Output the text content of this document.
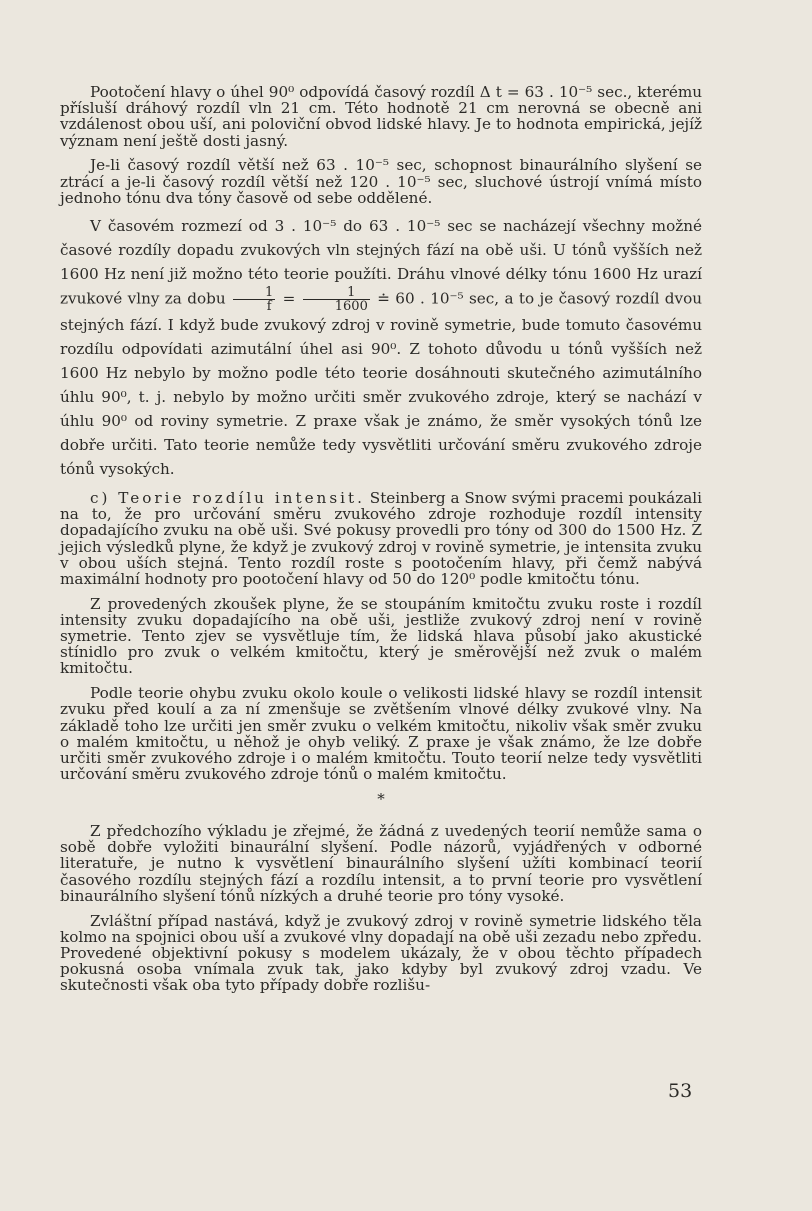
Pootočení hlavy o úhel 90⁰ odpovídá časový rozdíl Δ t = 63 . 10⁻⁵ sec., kterému přísluší dráhový rozdíl vln 21 cm. Této hodnotě 21 cm nerovná se obecně ani vzdálenost obou uší, ani poloviční obvod lidské hlavy. Je to hodnota empirická, jejíž význam není ještě dosti jasný.

Je-li časový rozdíl větší než 63 . 10⁻⁵ sec, schopnost binaurálního slyšení se ztrácí a je-li časový rozdíl větší než 120 . 10⁻⁵ sec, sluchové ústrojí vnímá místo jednoho tónu dva tóny časově od sebe oddělené.

V časovém rozmezí od 3 . 10⁻⁵ do 63 . 10⁻⁵ sec se nacházejí všechny možné časové rozdíly dopadu zvukových vln stejných fází na obě uši. U tónů vyšších než 1600 Hz není již možno této teorie použíti. Dráhu vlnové délky tónu 1600 Hz urazí zvukové vlny za dobu $\frac{1}{f} = \frac{1}{1600}$ ≐ 60 . 10⁻⁵ sec, a to je časový rozdíl dvou stejných fází. I když bude zvukový zdroj v rovině symetrie, bude tomuto časovému rozdílu odpovídati azimutální úhel asi 90⁰. Z tohoto důvodu u tónů vyšších než 1600 Hz nebylo by možno podle této teorie dosáhnouti skutečného azimutálního úhlu 90⁰, t. j. nebylo by možno určiti směr zvukového zdroje, který se nachází v úhlu 90⁰ od roviny symetrie. Z praxe však je známo, že směr vysokých tónů lze dobře určiti. Tato teorie nemůže tedy vysvětliti určování směru zvukového zdroje tónů vysokých.

c) Teorie rozdílu intensit. Steinberg a Snow svými pracemi poukázali na to, že pro určování směru zvukového zdroje rozhoduje rozdíl intensity dopadajícího zvuku na obě uši. Své pokusy provedli pro tóny od 300 do 1500 Hz. Z jejich výsledků plyne, že když je zvukový zdroj v rovině symetrie, je intensita zvuku v obou uších stejná. Tento rozdíl roste s pootočením hlavy, při čemž nabývá maximální hodnoty pro pootočení hlavy od 50 do 120⁰ podle kmitočtu tónu.

Z provedených zkoušek plyne, že se stoupáním kmitočtu zvuku roste i rozdíl intensity zvuku dopadajícího na obě uši, jestliže zvukový zdroj není v rovině symetrie. Tento zjev se vysvětluje tím, že lidská hlava působí jako akustické stínidlo pro zvuk o velkém kmitočtu, který je směrovější než zvuk o malém kmitočtu.

Podle teorie ohybu zvuku okolo koule o velikosti lidské hlavy se rozdíl intensit zvuku před koulí a za ní zmenšuje se zvětšením vlnové délky zvukové vlny. Na základě toho lze určiti jen směr zvuku o velkém kmitočtu, nikoliv však směr zvuku o malém kmitočtu, u něhož je ohyb veliký. Z praxe je však známo, že lze dobře určiti směr zvukového zdroje i o malém kmitočtu. Touto teorií nelze tedy vysvětliti určování směru zvukového zdroje tónů o malém kmitočtu.

*

Z předchozího výkladu je zřejmé, že žádná z uvedených teorií nemůže sama o sobě dobře vyložiti binaurální slyšení. Podle názorů, vyjádřených v odborné literatuře, je nutno k vysvětlení binaurálního slyšení užíti kombinací teorií časového rozdílu stejných fází a rozdílu intensit, a to první teorie pro vysvětlení binaurálního slyšení tónů nízkých a druhé teorie pro tóny vysoké.

Zvláštní případ nastává, když je zvukový zdroj v rovině symetrie lidského těla kolmo na spojnici obou uší a zvukové vlny dopadají na obě uši zezadu nebo zpředu. Provedené objektivní pokusy s modelem ukázaly, že v obou těchto případech pokusná osoba vnímala zvuk tak, jako kdyby byl zvukový zdroj vzadu. Ve skutečnosti však oba tyto případy dobře rozlišu-

53
